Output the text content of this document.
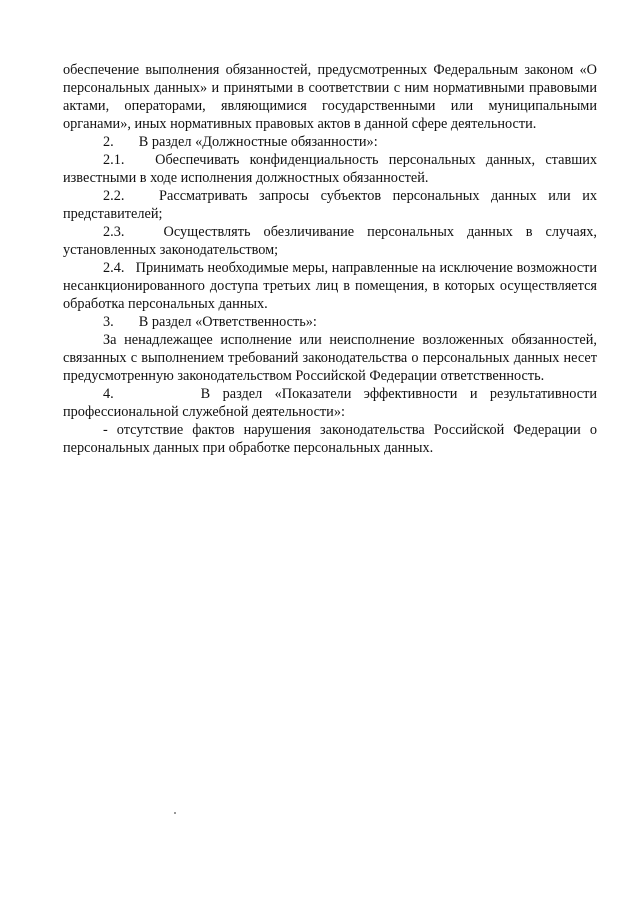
обеспечение выполнения обязанностей, предусмотренных Федеральным законом «О персональных данных» и принятыми в соответствии с ним нормативными правовыми актами, операторами, являющимися государственными или муниципальными органами», иных нормативных правовых актов в данной сфере деятельности.

2.       В раздел «Должностные обязанности»:

2.1.   Обеспечивать конфиденциальность персональных данных, ставших известными в ходе исполнения должностных обязанностей.

2.2.   Рассматривать запросы субъектов персональных данных или их представителей;

2.3.   Осуществлять обезличивание персональных данных в случаях, установленных законодательством;

2.4.   Принимать необходимые меры, направленные на исключение возможности несанкционированного доступа третьих лиц в помещения, в которых осуществляется обработка персональных данных.

3.       В раздел «Ответственность»:

За ненадлежащее исполнение или неисполнение возложенных обязанностей, связанных с выполнением требований законодательства о персональных данных несет предусмотренную законодательством Российской Федерации ответственность.

4.       В раздел «Показатели эффективности и результативности профессиональной служебной деятельности»:

- отсутствие фактов нарушения законодательства Российской Федерации о персональных данных при обработке персональных данных.
